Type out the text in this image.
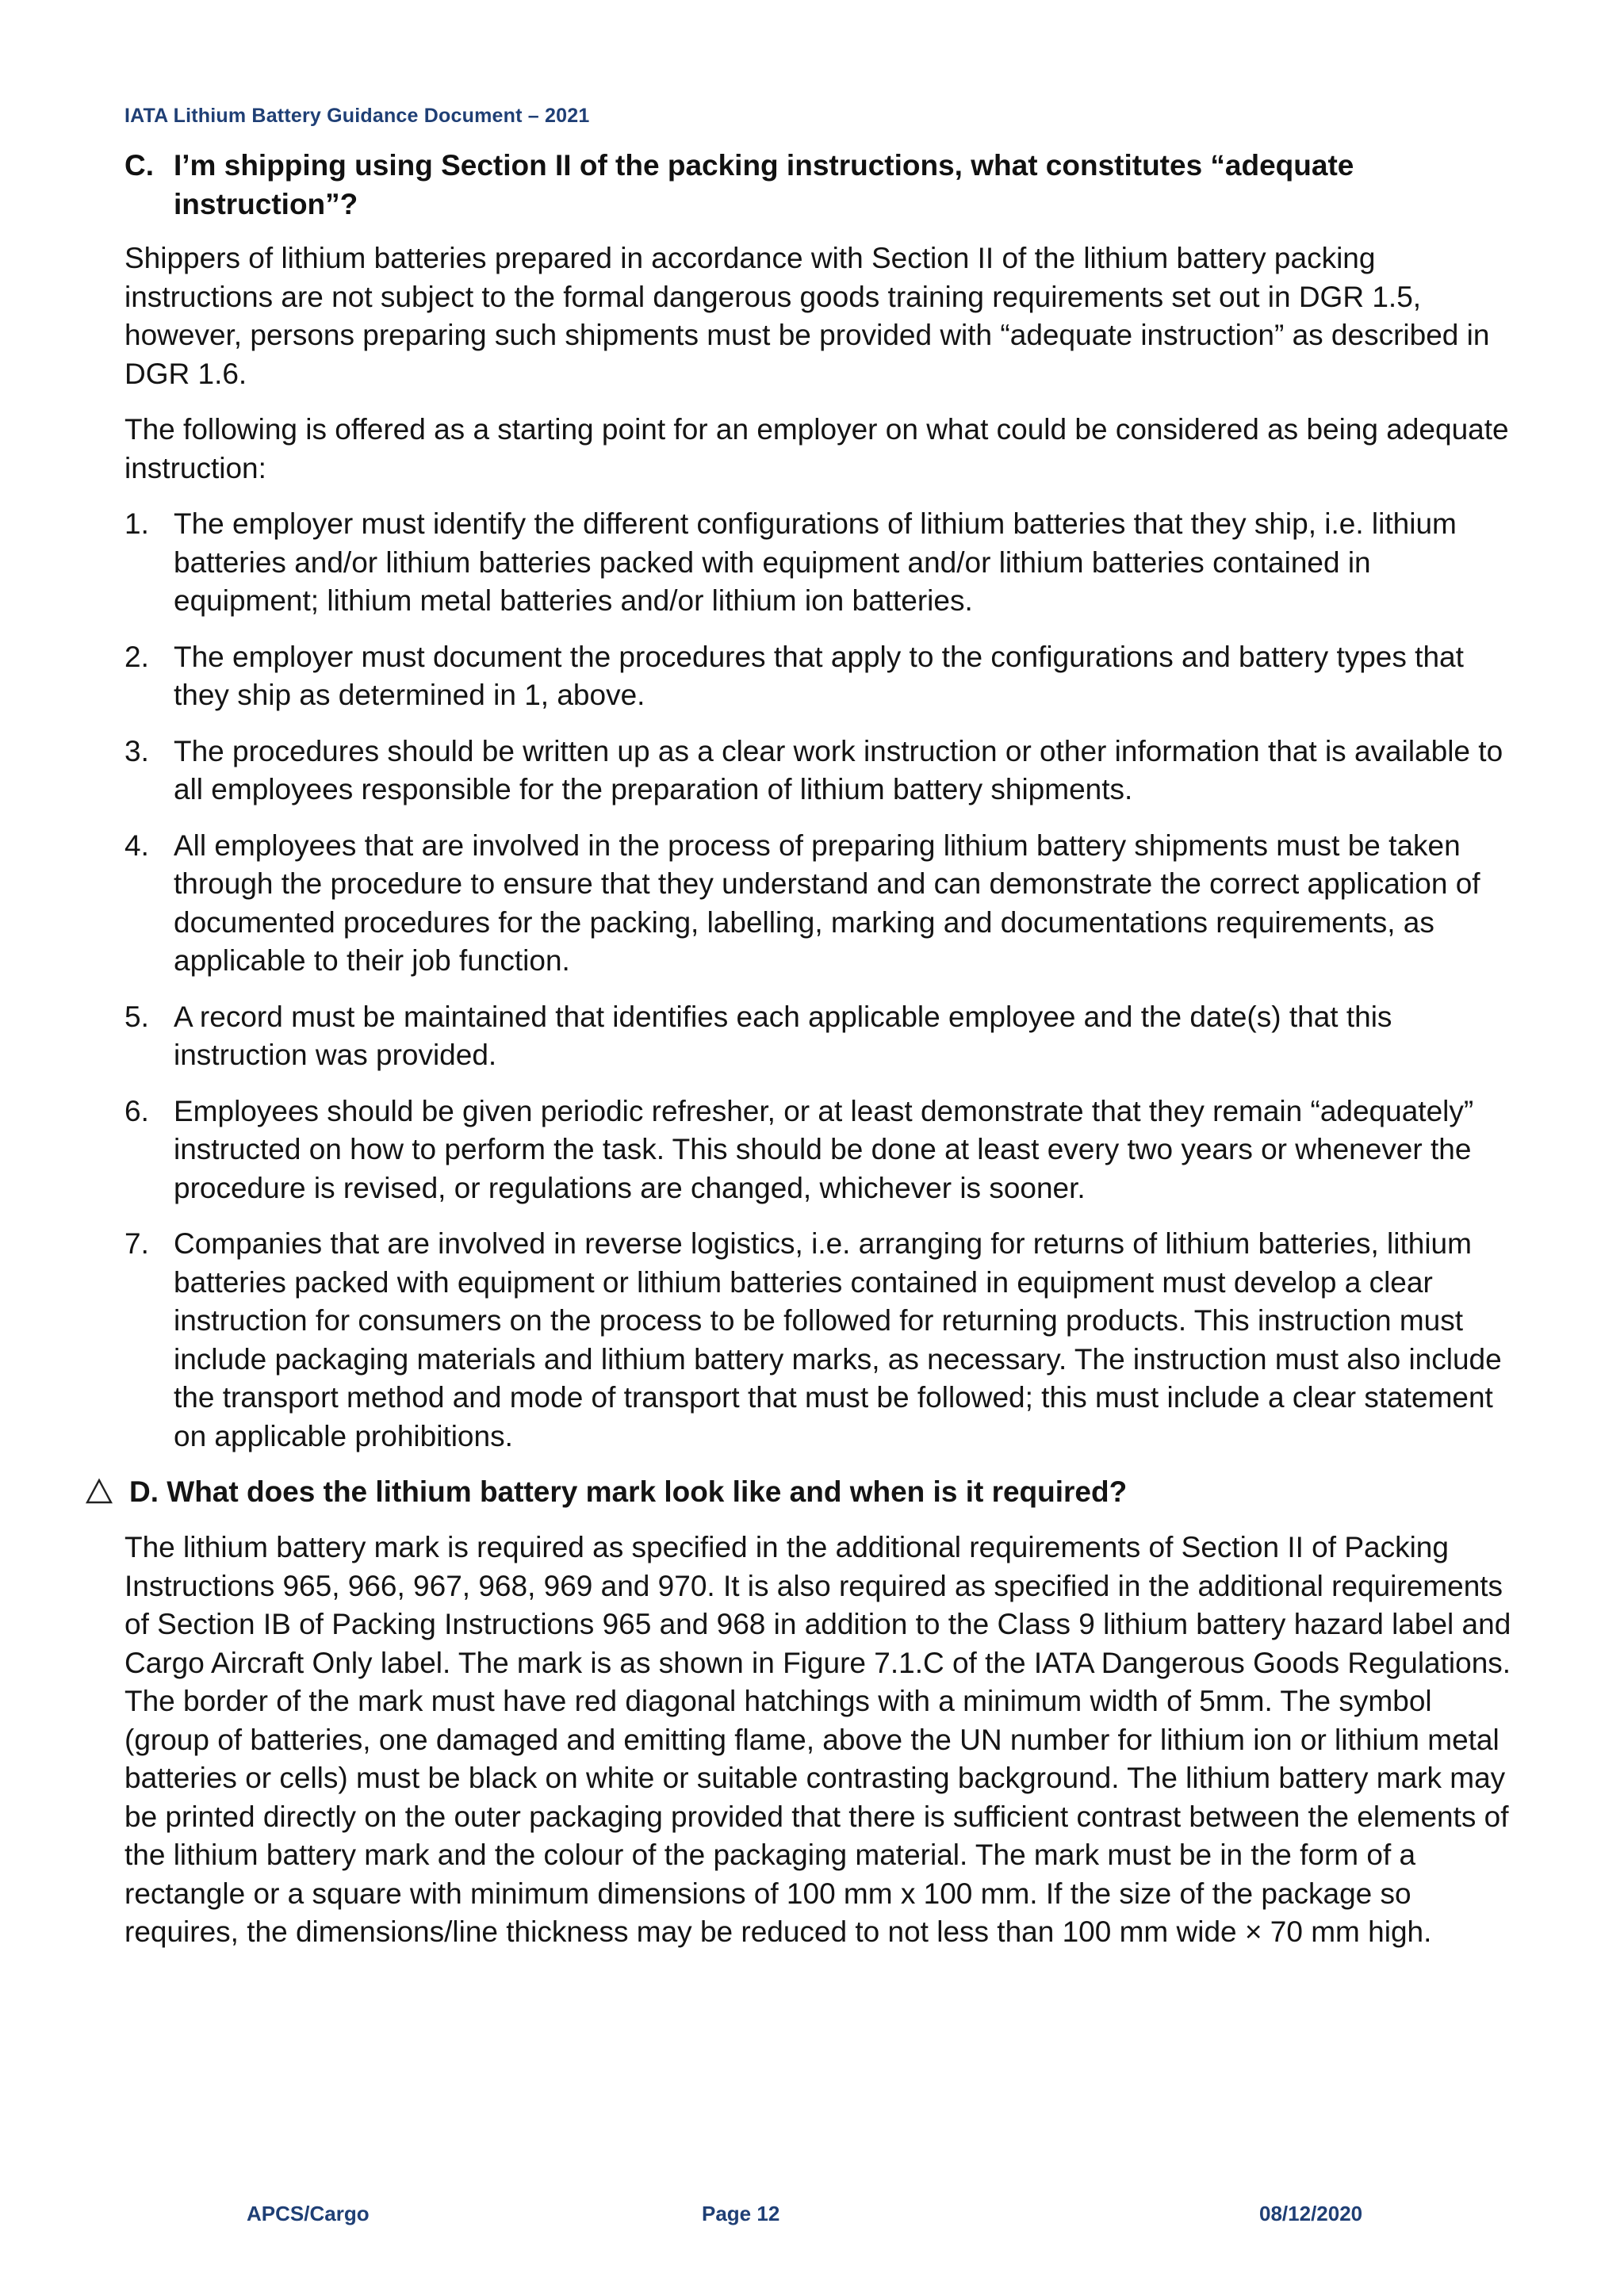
IATA Lithium Battery Guidance Document – 2021
C. I’m shipping using Section II of the packing instructions, what constitutes “adequate instruction”?

Shippers of lithium batteries prepared in accordance with Section II of the lithium battery packing instructions are not subject to the formal dangerous goods training requirements set out in DGR 1.5, however, persons preparing such shipments must be provided with “adequate instruction” as described in DGR 1.6.

The following is offered as a starting point for an employer on what could be considered as being adequate instruction:

1. The employer must identify the different configurations of lithium batteries that they ship, i.e. lithium batteries and/or lithium batteries packed with equipment and/or lithium batteries contained in equipment; lithium metal batteries and/or lithium ion batteries.
2. The employer must document the procedures that apply to the configurations and battery types that they ship as determined in 1, above.
3. The procedures should be written up as a clear work instruction or other information that is available to all employees responsible for the preparation of lithium battery shipments.
4. All employees that are involved in the process of preparing lithium battery shipments must be taken through the procedure to ensure that they understand and can demonstrate the correct application of documented procedures for the packing, labelling, marking and documentations requirements, as applicable to their job function.
5. A record must be maintained that identifies each applicable employee and the date(s) that this instruction was provided.
6. Employees should be given periodic refresher, or at least demonstrate that they remain “adequately” instructed on how to perform the task. This should be done at least every two years or whenever the procedure is revised, or regulations are changed, whichever is sooner.
7. Companies that are involved in reverse logistics, i.e. arranging for returns of lithium batteries, lithium batteries packed with equipment or lithium batteries contained in equipment must develop a clear instruction for consumers on the process to be followed for returning products. This instruction must include packaging materials and lithium battery marks, as necessary. The instruction must also include the transport method and mode of transport that must be followed; this must include a clear statement on applicable prohibitions.
D. What does the lithium battery mark look like and when is it required?

The lithium battery mark is required as specified in the additional requirements of Section II of Packing Instructions 965, 966, 967, 968, 969 and 970. It is also required as specified in the additional requirements of Section IB of Packing Instructions 965 and 968 in addition to the Class 9 lithium battery hazard label and Cargo Aircraft Only label. The mark is as shown in Figure 7.1.C of the IATA Dangerous Goods Regulations. The border of the mark must have red diagonal hatchings with a minimum width of 5mm. The symbol (group of batteries, one damaged and emitting flame, above the UN number for lithium ion or lithium metal batteries or cells) must be black on white or suitable contrasting background. The lithium battery mark may be printed directly on the outer packaging provided that there is sufficient contrast between the elements of the lithium battery mark and the colour of the packaging material. The mark must be in the form of a rectangle or a square with minimum dimensions of 100 mm x 100 mm. If the size of the package so requires, the dimensions/line thickness may be reduced to not less than 100 mm wide × 70 mm high.

APCS/Cargo	Page 12	08/12/2020
